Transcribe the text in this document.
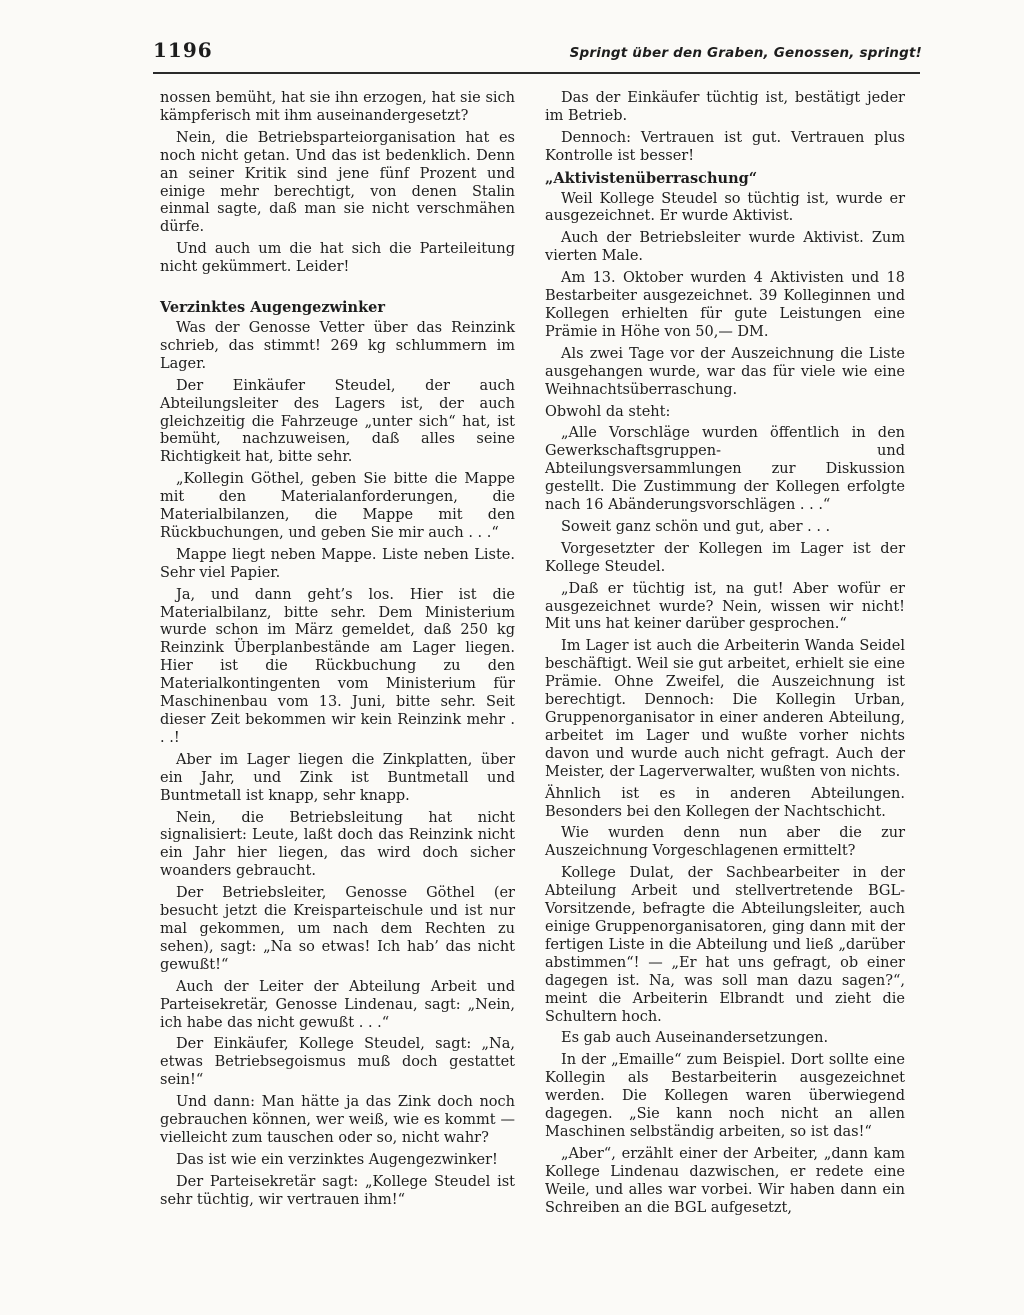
1196	Springt über den Graben, Genossen, springt!

nossen bemüht, hat sie ihn erzogen, hat sie sich kämpferisch mit ihm auseinandergesetzt?

Nein, die Betriebsparteiorganisation hat es noch nicht getan. Und das ist bedenklich. Denn an seiner Kritik sind jene fünf Prozent und einige mehr berechtigt, von denen Stalin einmal sagte, daß man sie nicht verschmähen dürfe.

Und auch um die hat sich die Parteileitung nicht gekümmert. Leider!

Verzinktes Augengezwinker

Was der Genosse Vetter über das Reinzink schrieb, das stimmt! 269 kg schlummern im Lager.

Der Einkäufer Steudel, der auch Abteilungsleiter des Lagers ist, der auch gleichzeitig die Fahrzeuge „unter sich“ hat, ist bemüht, nachzuweisen, daß alles seine Richtigkeit hat, bitte sehr.

„Kollegin Göthel, geben Sie bitte die Mappe mit den Materialanforderungen, die Materialbilanzen, die Mappe mit den Rückbuchungen, und geben Sie mir auch . . .“

Mappe liegt neben Mappe. Liste neben Liste. Sehr viel Papier.

Ja, und dann geht’s los. Hier ist die Materialbilanz, bitte sehr. Dem Ministerium wurde schon im März gemeldet, daß 250 kg Reinzink Überplanbestände am Lager liegen. Hier ist die Rückbuchung zu den Materialkontingenten vom Ministerium für Maschinenbau vom 13. Juni, bitte sehr. Seit dieser Zeit bekommen wir kein Reinzink mehr . . .!

Aber im Lager liegen die Zinkplatten, über ein Jahr, und Zink ist Buntmetall und Buntmetall ist knapp, sehr knapp.

Nein, die Betriebsleitung hat nicht signalisiert: Leute, laßt doch das Reinzink nicht ein Jahr hier liegen, das wird doch sicher woanders gebraucht.

Der Betriebsleiter, Genosse Göthel (er besucht jetzt die Kreisparteischule und ist nur mal gekommen, um nach dem Rechten zu sehen), sagt: „Na so etwas! Ich hab’ das nicht gewußt!“

Auch der Leiter der Abteilung Arbeit und Parteisekretär, Genosse Lindenau, sagt: „Nein, ich habe das nicht gewußt . . .“

Der Einkäufer, Kollege Steudel, sagt: „Na, etwas Betriebsegoismus muß doch gestattet sein!“

Und dann: Man hätte ja das Zink doch noch gebrauchen können, wer weiß, wie es kommt — vielleicht zum tauschen oder so, nicht wahr?

Das ist wie ein verzinktes Augengezwinker!

Der Parteisekretär sagt: „Kollege Steudel ist sehr tüchtig, wir vertrauen ihm!“

Das der Einkäufer tüchtig ist, bestätigt jeder im Betrieb.

Dennoch: Vertrauen ist gut. Vertrauen plus Kontrolle ist besser!

„Aktivistenüberraschung“

Weil Kollege Steudel so tüchtig ist, wurde er ausgezeichnet. Er wurde Aktivist.

Auch der Betriebsleiter wurde Aktivist. Zum vierten Male.

Am 13. Oktober wurden 4 Aktivisten und 18 Bestarbeiter ausgezeichnet. 39 Kolleginnen und Kollegen erhielten für gute Leistungen eine Prämie in Höhe von 50,— DM.

Als zwei Tage vor der Auszeichnung die Liste ausgehangen wurde, war das für viele wie eine Weihnachtsüberraschung.

Obwohl da steht:

„Alle Vorschläge wurden öffentlich in den Gewerkschaftsgruppen- und Abteilungsversammlungen zur Diskussion gestellt. Die Zustimmung der Kollegen erfolgte nach 16 Abänderungsvorschlägen . . .“

Soweit ganz schön und gut, aber . . .

Vorgesetzter der Kollegen im Lager ist der Kollege Steudel.

„Daß er tüchtig ist, na gut! Aber wofür er ausgezeichnet wurde? Nein, wissen wir nicht! Mit uns hat keiner darüber gesprochen.“

Im Lager ist auch die Arbeiterin Wanda Seidel beschäftigt. Weil sie gut arbeitet, erhielt sie eine Prämie. Ohne Zweifel, die Auszeichnung ist berechtigt. Dennoch: Die Kollegin Urban, Gruppenorganisator in einer anderen Abteilung, arbeitet im Lager und wußte vorher nichts davon und wurde auch nicht gefragt. Auch der Meister, der Lagerverwalter, wußten von nichts.

Ähnlich ist es in anderen Abteilungen. Besonders bei den Kollegen der Nachtschicht.

Wie wurden denn nun aber die zur Auszeichnung Vorgeschlagenen ermittelt?

Kollege Dulat, der Sachbearbeiter in der Abteilung Arbeit und stellvertretende BGL-Vorsitzende, befragte die Abteilungsleiter, auch einige Gruppenorganisatoren, ging dann mit der fertigen Liste in die Abteilung und ließ „darüber abstimmen“! — „Er hat uns gefragt, ob einer dagegen ist. Na, was soll man dazu sagen?“, meint die Arbeiterin Elbrandt und zieht die Schultern hoch.

Es gab auch Auseinandersetzungen.

In der „Emaille“ zum Beispiel. Dort sollte eine Kollegin als Bestarbeiterin ausgezeichnet werden. Die Kollegen waren überwiegend dagegen. „Sie kann noch nicht an allen Maschinen selbständig arbeiten, so ist das!“

„Aber“, erzählt einer der Arbeiter, „dann kam Kollege Lindenau dazwischen, er redete eine Weile, und alles war vorbei. Wir haben dann ein Schreiben an die BGL aufgesetzt,
